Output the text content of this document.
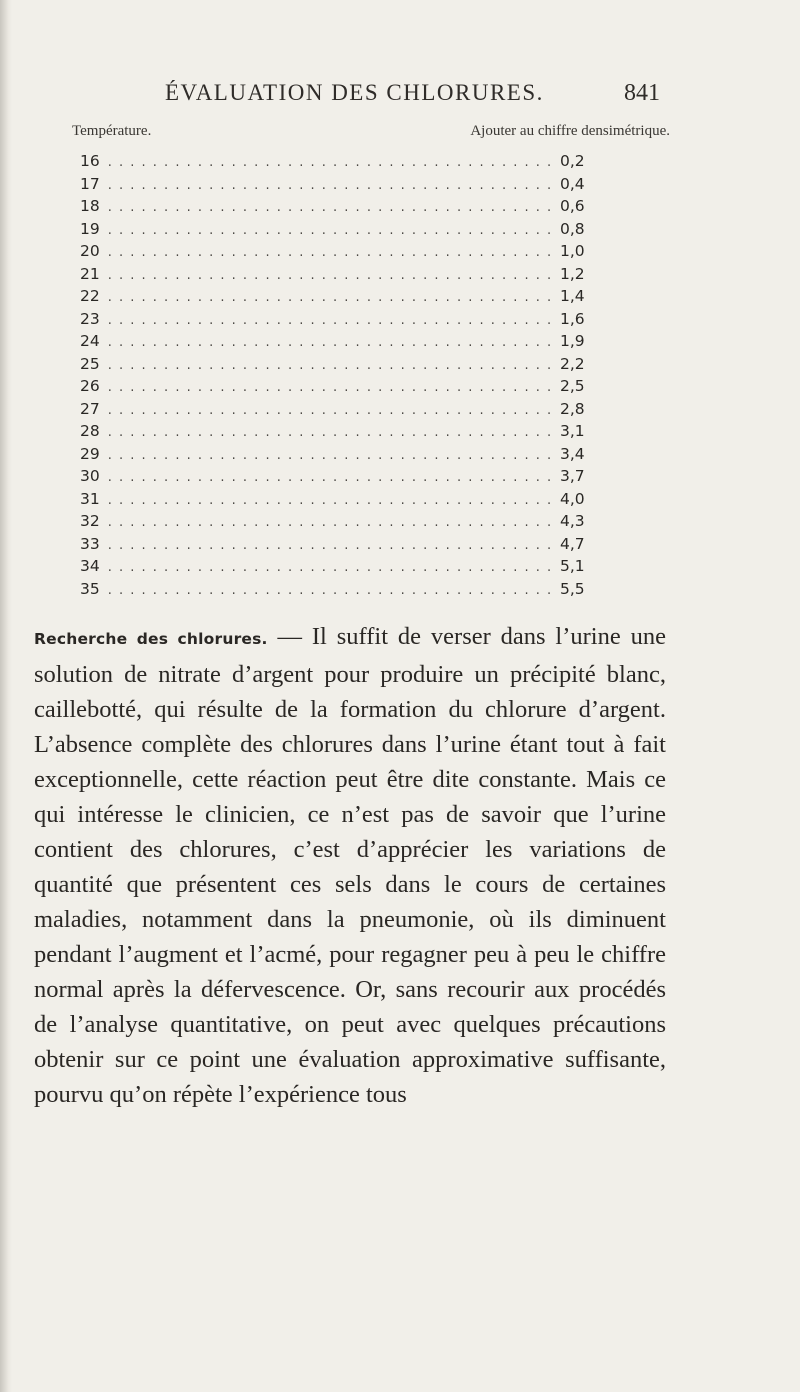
ÉVALUATION DES CHLORURES.	841
Température.	Ajouter au chiffre densimétrique.
16 . . .	0,2
17 . . .	0,4
18 . . .	0,6
19 . . .	0,8
20 . . .	1,0
21 . . .	1,2
22 . . .	1,4
23 . . .	1,6
24 . . .	1,9
25 . . .	2,2
26 . . .	2,5
27 . . .	2,8
28 . . .	3,1
29 . . .	3,4
30 . . .	3,7
31 . . .	4,0
32 . . .	4,3
33 . . .	4,7
34 . . .	5,1
35 . . .	5,5

Recherche des chlorures. — Il suffit de verser dans l’urine une solution de nitrate d’argent pour produire un précipité blanc, caillebotté, qui résulte de la formation du chlorure d’argent. L’absence complète des chlorures dans l’urine étant tout à fait exceptionnelle, cette réaction peut être dite constante. Mais ce qui intéresse le clinicien, ce n’est pas de savoir que l’urine contient des chlorures, c’est d’apprécier les variations de quantité que présentent ces sels dans le cours de certaines maladies, notamment dans la pneumonie, où ils diminuent pendant l’augment et l’acmé, pour regagner peu à peu le chiffre normal après la défervescence. Or, sans recourir aux procédés de l’analyse quantitative, on peut avec quelques précautions obtenir sur ce point une évaluation approximative suffisante, pourvu qu’on répète l’expérience tous
